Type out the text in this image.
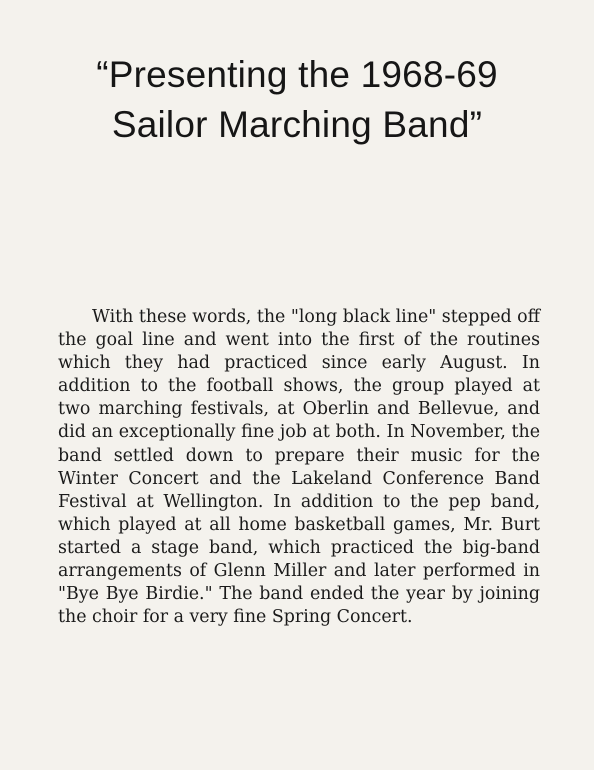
“Presenting the 1968-69
Sailor Marching Band”

With these words, the "long black line" stepped off the goal line and went into the first of the routines which they had practiced since early August. In addition to the football shows, the group played at two marching festivals, at Oberlin and Bellevue, and did an exceptionally fine job at both. In November, the band settled down to prepare their music for the Winter Concert and the Lakeland Conference Band Festival at Wellington. In addition to the pep band, which played at all home basketball games, Mr. Burt started a stage band, which practiced the big-band arrangements of Glenn Miller and later performed in "Bye Bye Birdie." The band ended the year by joining the choir for a very fine Spring Concert.
